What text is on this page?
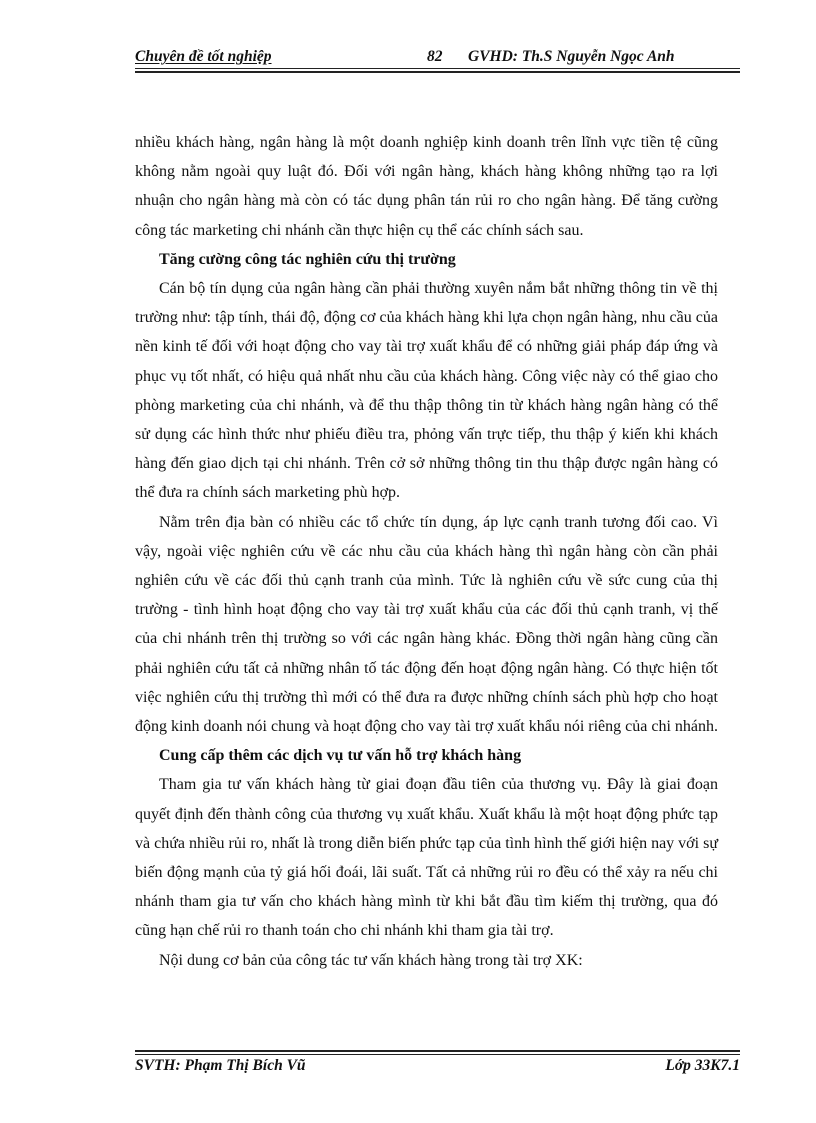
Chuyên đề tốt nghiệp	82 GVHD: Th.S Nguyễn Ngọc Anh

nhiều khách hàng, ngân hàng là một doanh nghiệp kinh doanh trên lĩnh vực tiền tệ cũng không nằm ngoài quy luật đó. Đối với ngân hàng, khách hàng không những tạo ra lợi nhuận cho ngân hàng mà còn có tác dụng phân tán rủi ro cho ngân hàng. Để tăng cường công tác marketing chi nhánh cần thực hiện cụ thể các chính sách sau.

Tăng cường công tác nghiên cứu thị trường

Cán bộ tín dụng của ngân hàng cần phải thường xuyên nắm bắt những thông tin về thị trường như: tập tính, thái độ, động cơ của khách hàng khi lựa chọn ngân hàng, nhu cầu của nền kinh tế đối với hoạt động cho vay tài trợ xuất khẩu để có những giải pháp đáp ứng và phục vụ tốt nhất, có hiệu quả nhất nhu cầu của khách hàng. Công việc này có thể giao cho phòng marketing của chi nhánh, và để thu thập thông tin từ khách hàng ngân hàng có thể sử dụng các hình thức như phiếu điều tra, phỏng vấn trực tiếp, thu thập ý kiến khi khách hàng đến giao dịch tại chi nhánh. Trên cở sở những thông tin thu thập được ngân hàng có thể đưa ra chính sách marketing phù hợp.

Nằm trên địa bàn có nhiều các tổ chức tín dụng, áp lực cạnh tranh tương đối cao. Vì vậy, ngoài việc nghiên cứu về các nhu cầu của khách hàng thì ngân hàng còn cần phải nghiên cứu về các đối thủ cạnh tranh của mình. Tức là nghiên cứu về sức cung của thị trường - tình hình hoạt động cho vay tài trợ xuất khẩu của các đối thủ cạnh tranh, vị thế của chi nhánh trên thị trường so với các ngân hàng khác. Đồng thời ngân hàng cũng cần phải nghiên cứu tất cả những nhân tố tác động đến hoạt động ngân hàng. Có thực hiện tốt việc nghiên cứu thị trường thì mới có thể đưa ra được những chính sách phù hợp cho hoạt động kinh doanh nói chung và hoạt động cho vay tài trợ xuất khẩu nói riêng của chi nhánh.

Cung cấp thêm các dịch vụ tư vấn hỗ trợ khách hàng

Tham gia tư vấn khách hàng từ giai đoạn đầu tiên của thương vụ. Đây là giai đoạn quyết định đến thành công của thương vụ xuất khẩu. Xuất khẩu là một hoạt động phức tạp và chứa nhiều rủi ro, nhất là trong diễn biến phức tạp của tình hình thế giới hiện nay với sự biến động mạnh của tỷ giá hối đoái, lãi suất. Tất cả những rủi ro đều có thể xảy ra nếu chi nhánh tham gia tư vấn cho khách hàng mình từ khi bắt đầu tìm kiếm thị trường, qua đó cũng hạn chế rủi ro thanh toán cho chi nhánh khi tham gia tài trợ.

Nội dung cơ bản của công tác tư vấn khách hàng trong tài trợ XK:

SVTH: Phạm Thị Bích Vũ	Lớp 33K7.1
